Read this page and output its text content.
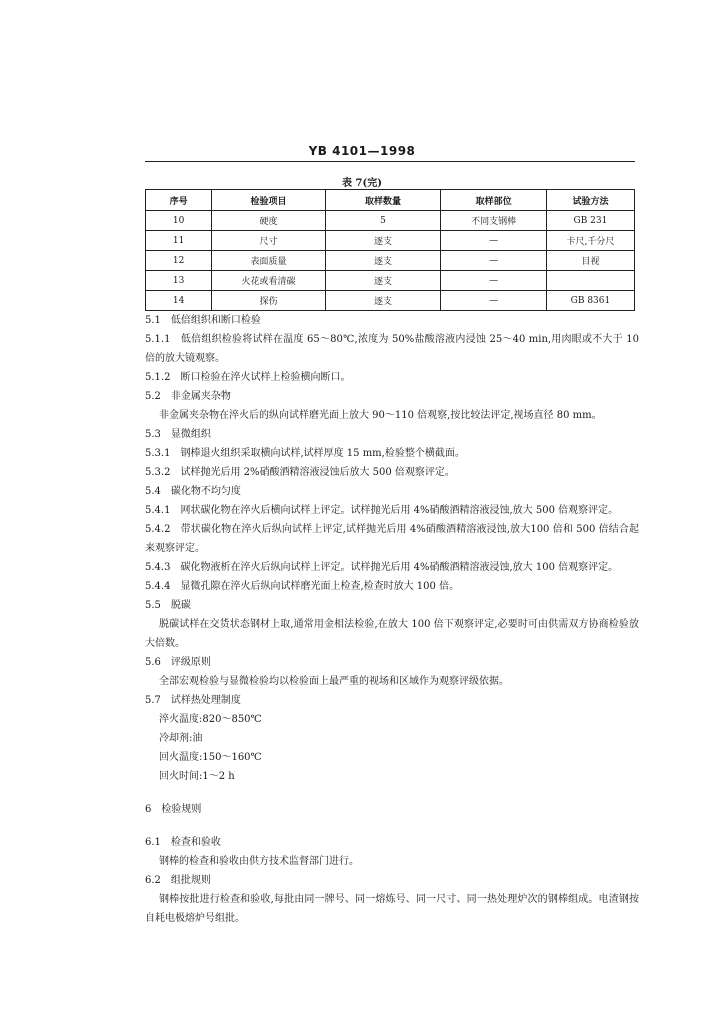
YB 4101—1998
表 7(完)
序号	检验项目	取样数量	取样部位	试验方法
10	硬度	5	不同支钢棒	GB 231
11	尺寸	逐支	—	卡尺,千分尺
12	表面质量	逐支	—	目视
13	火花或看清碳	逐支	—	
14	探伤	逐支	—	GB 8361

5.1　低倍组织和断口检验

5.1.1　低倍组织检验将试样在温度 65～80℃,浓度为 50%盐酸溶液内浸蚀 25～40 min,用肉眼或不大于 10 倍的放大镜观察。

5.1.2　断口检验在淬火试样上检验横向断口。

5.2　非金属夹杂物

非金属夹杂物在淬火后的纵向试样磨光面上放大 90～110 倍观察,按比较法评定,视场直径 80 mm。

5.3　显微组织

5.3.1　钢棒退火组织采取横向试样,试样厚度 15 mm,检验整个横截面。

5.3.2　试样抛光后用 2%硝酸酒精溶液浸蚀后放大 500 倍观察评定。

5.4　碳化物不均匀度

5.4.1　网状碳化物在淬火后横向试样上评定。试样抛光后用 4%硝酸酒精溶液浸蚀,放大 500 倍观察评定。

5.4.2　带状碳化物在淬火后纵向试样上评定,试样抛光后用 4%硝酸酒精溶液浸蚀,放大100 倍和 500 倍结合起来观察评定。

5.4.3　碳化物液析在淬火后纵向试样上评定。试样抛光后用 4%硝酸酒精溶液浸蚀,放大 100 倍观察评定。

5.4.4　显微孔隙在淬火后纵向试样磨光面上检查,检查时放大 100 倍。

5.5　脱碳

脱碳试样在交货状态钢材上取,通常用金相法检验,在放大 100 倍下观察评定,必要时可由供需双方协商检验放大倍数。

5.6　评级原则

全部宏观检验与显微检验均以检验面上最严重的视场和区域作为观察评级依据。

5.7　试样热处理制度

淬火温度:820～850℃

冷却剂:油

回火温度:150～160℃

回火时间:1～2 h

6　检验规则

6.1　检查和验收

钢棒的检查和验收由供方技术监督部门进行。

6.2　组批规则

钢棒按批进行检查和验收,每批由同一牌号、同一熔炼号、同一尺寸、同一热处理炉次的钢棒组成。电渣钢按自耗电极熔炉号组批。
